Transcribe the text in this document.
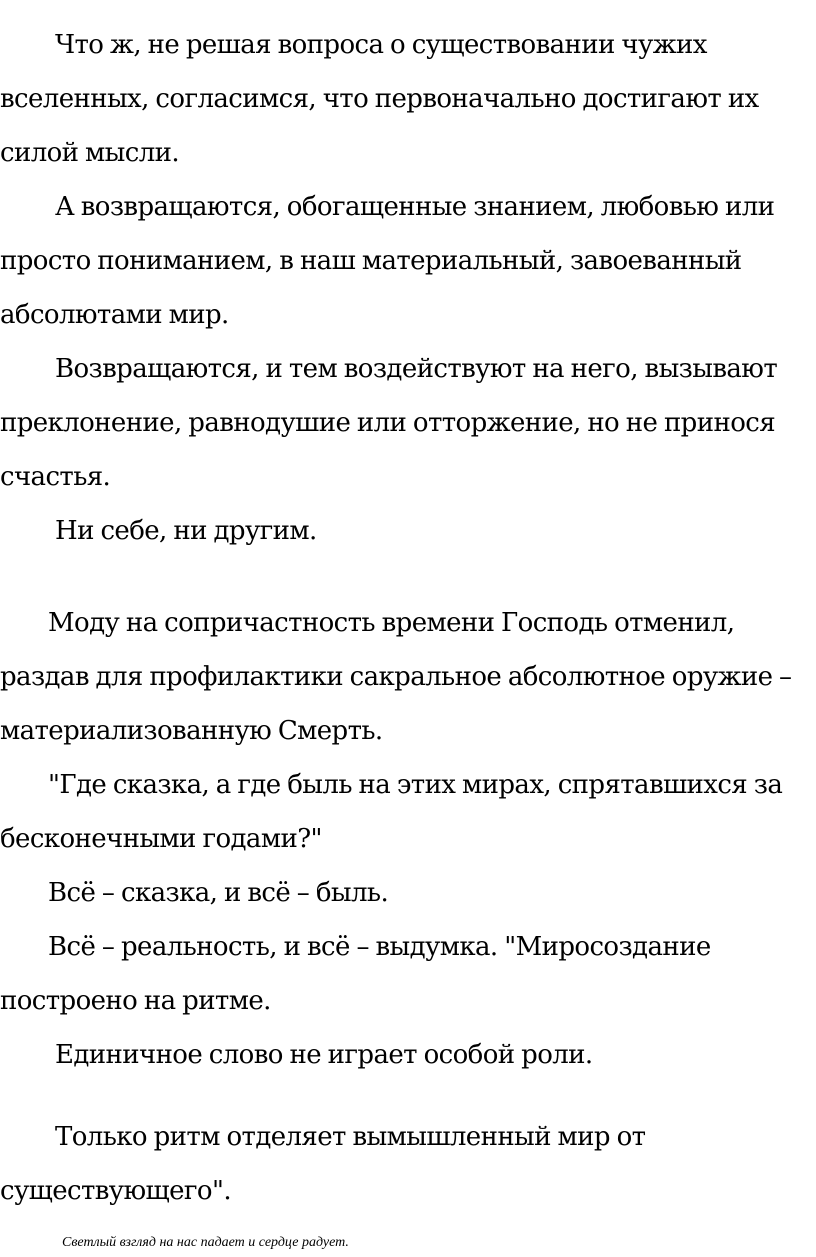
Что ж, не решая вопроса о существовании чужих вселенных, согласимся, что первоначально достигают их силой мысли.

А возвращаются, обогащенные знанием, любовью или просто пониманием, в наш материальный, завоеванный абсолютами мир.

Возвращаются, и тем воздействуют на него, вызывают преклонение, равнодушие или отторжение, но не принося счастья.

Ни себе, ни другим.

Моду на сопричастность времени Господь отменил, раздав для профилактики сакральное абсолютное оружие – материализованную Смерть.

"Где сказка, а где быль на этих мирах, спрятавшихся за бесконечными годами?"

Всё – сказка, и всё – быль.

Всё – реальность, и всё – выдумка. "Миросоздание построено на ритме.

Единичное слово не играет особой роли.

Только ритм отделяет вымышленный мир от существующего".

Светлый взгляд на нас падает и сердце радует.
